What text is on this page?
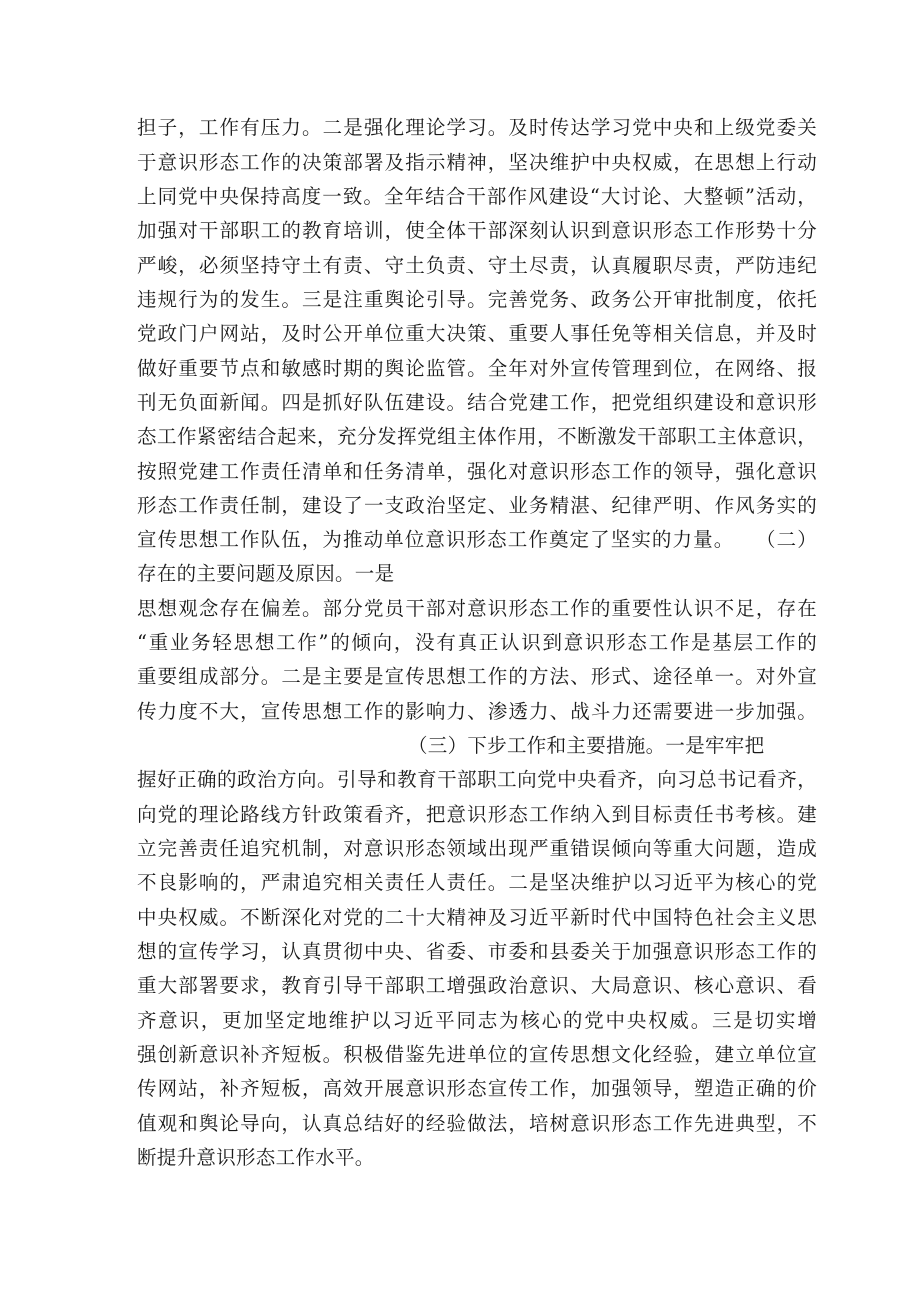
担子，工作有压力。二是强化理论学习。及时传达学习党中央和上级党委关
于意识形态工作的决策部署及指示精神，坚决维护中央权威，在思想上行动
上同党中央保持高度一致。全年结合干部作风建设“大讨论、大整顿”活动，
加强对干部职工的教育培训，使全体干部深刻认识到意识形态工作形势十分
严峻，必须坚持守土有责、守土负责、守土尽责，认真履职尽责，严防违纪
违规行为的发生。三是注重舆论引导。完善党务、政务公开审批制度，依托
党政门户网站，及时公开单位重大决策、重要人事任免等相关信息，并及时
做好重要节点和敏感时期的舆论监管。全年对外宣传管理到位，在网络、报
刊无负面新闻。四是抓好队伍建设。结合党建工作，把党组织建设和意识形
态工作紧密结合起来，充分发挥党组主体作用，不断激发干部职工主体意识，
按照党建工作责任清单和任务清单，强化对意识形态工作的领导，强化意识
形态工作责任制，建设了一支政治坚定、业务精湛、纪律严明、作风务实的
宣传思想工作队伍，为推动单位意识形态工作奠定了坚实的力量。　　（二）
存在的主要问题及原因。一是
思想观念存在偏差。部分党员干部对意识形态工作的重要性认识不足，存在
“重业务轻思想工作”的倾向，没有真正认识到意识形态工作是基层工作的
重要组成部分。二是主要是宣传思想工作的方法、形式、途径单一。对外宣
传力度不大，宣传思想工作的影响力、渗透力、战斗力还需要进一步加强。
（三）下步工作和主要措施。一是牢牢把
握好正确的政治方向。引导和教育干部职工向党中央看齐，向习总书记看齐，
向党的理论路线方针政策看齐，把意识形态工作纳入到目标责任书考核。建
立完善责任追究机制，对意识形态领域出现严重错误倾向等重大问题，造成
不良影响的，严肃追究相关责任人责任。二是坚决维护以习近平为核心的党
中央权威。不断深化对党的二十大精神及习近平新时代中国特色社会主义思
想的宣传学习，认真贯彻中央、省委、市委和县委关于加强意识形态工作的
重大部署要求，教育引导干部职工增强政治意识、大局意识、核心意识、看
齐意识，更加坚定地维护以习近平同志为核心的党中央权威。三是切实增
强创新意识补齐短板。积极借鉴先进单位的宣传思想文化经验，建立单位宣
传网站，补齐短板，高效开展意识形态宣传工作，加强领导，塑造正确的价
值观和舆论导向，认真总结好的经验做法，培树意识形态工作先进典型，不
断提升意识形态工作水平。
